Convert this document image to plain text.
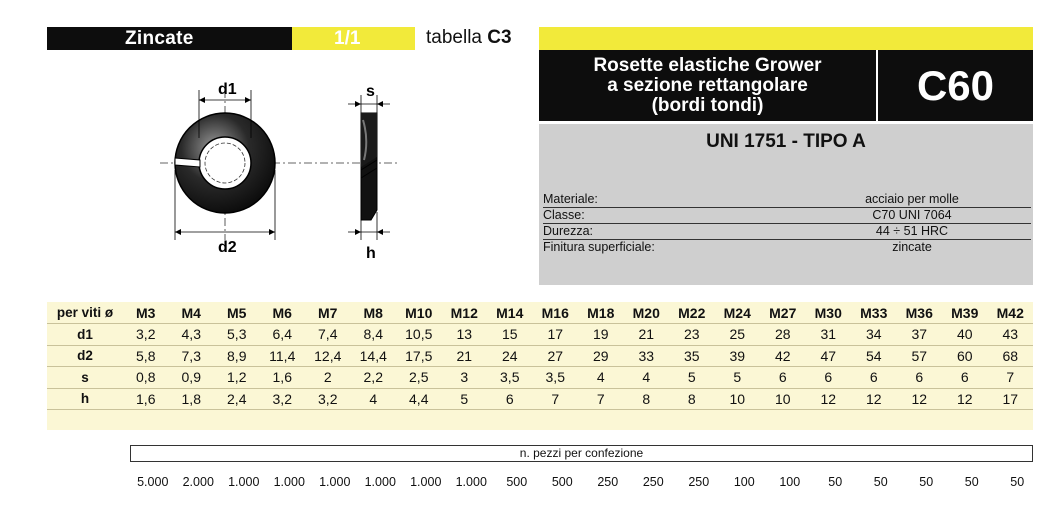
Zincate	1/1	tabella C3
Rosette elastiche Grower
a sezione rettangolare
(bordi tondi)	C60
UNI 1751 - TIPO A
Materiale:	acciaio per molle
Classe:	C70 UNI 7064
Durezza:	44 ÷ 51 HRC
Finitura superficiale:	zincate
d1
d2
s
h
per viti ø	M3	M4	M5	M6	M7	M8	M10	M12	M14	M16	M18	M20	M22	M24	M27	M30	M33	M36	M39	M42
d1	3,2	4,3	5,3	6,4	7,4	8,4	10,5	13	15	17	19	21	23	25	28	31	34	37	40	43
d2	5,8	7,3	8,9	11,4	12,4	14,4	17,5	21	24	27	29	33	35	39	42	47	54	57	60	68
s	0,8	0,9	1,2	1,6	2	2,2	2,5	3	3,5	3,5	4	4	5	5	6	6	6	6	6	7
h	1,6	1,8	2,4	3,2	3,2	4	4,4	5	6	7	7	8	8	10	10	12	12	12	12	17
n. pezzi per confezione
5.000	2.000	1.000	1.000	1.000	1.000	1.000	1.000	500	500	250	250	250	100	100	50	50	50	50	50
